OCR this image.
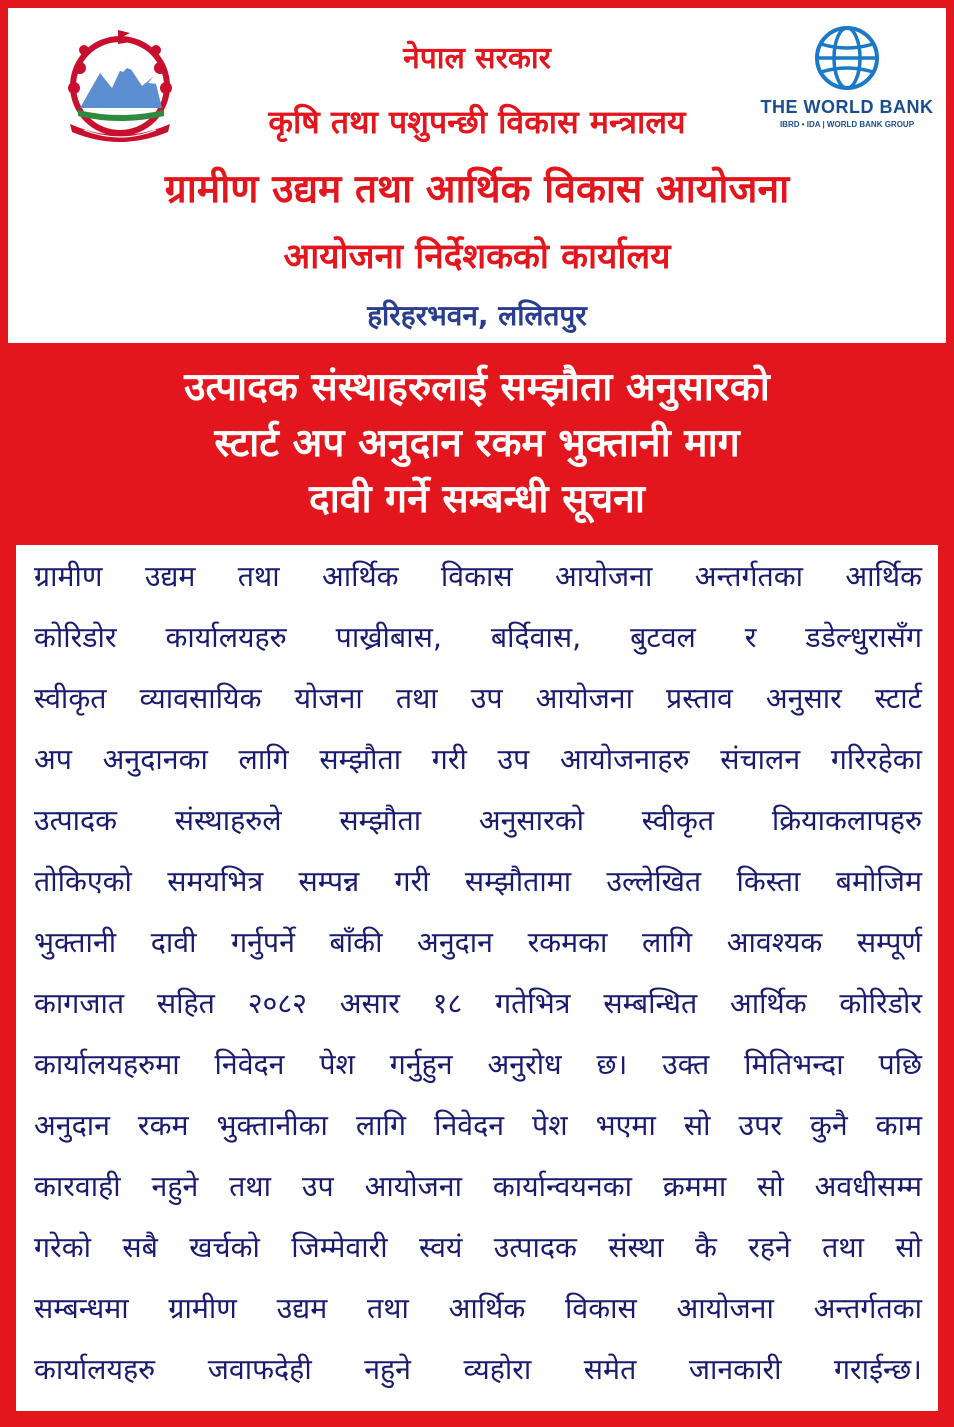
THE WORLD BANK
IBRD • IDA | WORLD BANK GROUP
नेपाल सरकार
कृषि तथा पशुपन्छी विकास मन्त्रालय
ग्रामीण उद्यम तथा आर्थिक विकास आयोजना
आयोजना निर्देशकको कार्यालय
हरिहरभवन, ललितपुर
उत्पादक संस्थाहरुलाई सम्झौता अनुसारको
स्टार्ट अप अनुदान रकम भुक्तानी माग
दावी गर्ने सम्बन्धी सूचना
ग्रामीण उद्यम तथा आर्थिक विकास आयोजना अन्तर्गतका आर्थिक
कोरिडोर कार्यालयहरु पाख्रीबास, बर्दिवास, बुटवल र डडेल्धुरासँग
स्वीकृत व्यावसायिक योजना तथा उप आयोजना प्रस्ताव अनुसार स्टार्ट
अप अनुदानका लागि सम्झौता गरी उप आयोजनाहरु संचालन गरिरहेका
उत्पादक संस्थाहरुले सम्झौता अनुसारको स्वीकृत क्रियाकलापहरु
तोकिएको समयभित्र सम्पन्न गरी सम्झौतामा उल्लेखित किस्ता बमोजिम
भुक्तानी दावी गर्नुपर्ने बाँकी अनुदान रकमका लागि आवश्यक सम्पूर्ण
कागजात सहित २०८२ असार १८ गतेभित्र सम्बन्धित आर्थिक कोरिडोर
कार्यालयहरुमा निवेदन पेश गर्नुहुन अनुरोध छ। उक्त मितिभन्दा पछि
अनुदान रकम भुक्तानीका लागि निवेदन पेश भएमा सो उपर कुनै काम
कारवाही नहुने तथा उप आयोजना कार्यान्वयनका क्रममा सो अवधीसम्म
गरेको सबै खर्चको जिम्मेवारी स्वयं उत्पादक संस्था कै रहने तथा सो
सम्बन्धमा ग्रामीण उद्यम तथा आर्थिक विकास आयोजना अन्तर्गतका
कार्यालयहरु जवाफदेही नहुने व्यहोरा समेत जानकारी गराईन्छ।
